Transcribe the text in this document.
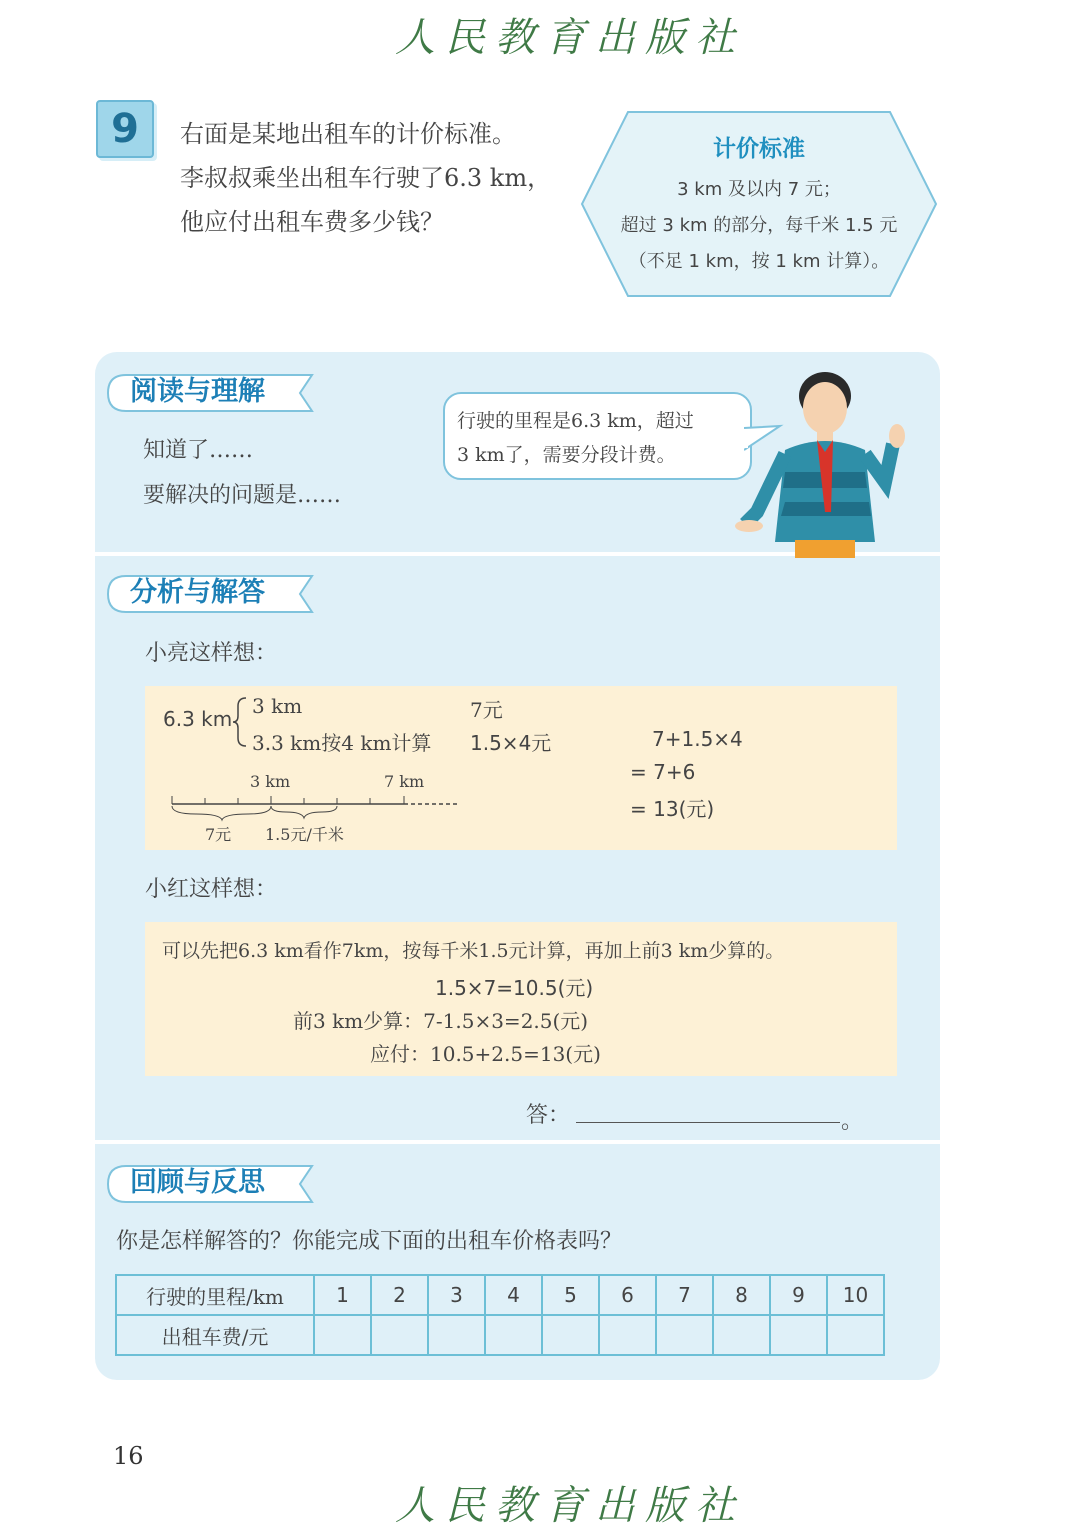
人民教育出版社
9	右面是某地出租车的计价标准。
李叔叔乘坐出租车行驶了6.3 km，
他应付出租车费多少钱？
计价标准
3 km 及以内 7 元；
超过 3 km 的部分，每千米 1.5 元
（不足 1 km，按 1 km 计算）。
阅读与理解
知道了……
要解决的问题是……
行驶的里程是6.3 km，超过
3 km了，需要分段计费。
分析与解答
小亮这样想：
6.3 km
3 km
3.3 km按4 km计算
7元
1.5×4元	7+1.5×4
= 7+6
= 13(元)
3 km	7 km
7元 1.5元/千米
小红这样想：
可以先把6.3 km看作7km，按每千米1.5元计算，再加上前3 km少算的。
1.5×7=10.5(元)
前3 km少算：7-1.5×3=2.5(元)
应付：10.5+2.5=13(元)
答：	。
回顾与反思
你是怎样解答的？你能完成下面的出租车价格表吗？
行驶的里程/km	1	2	3	4	5	6	7	8	9	10
出租车费/元										
16
人民教育出版社
